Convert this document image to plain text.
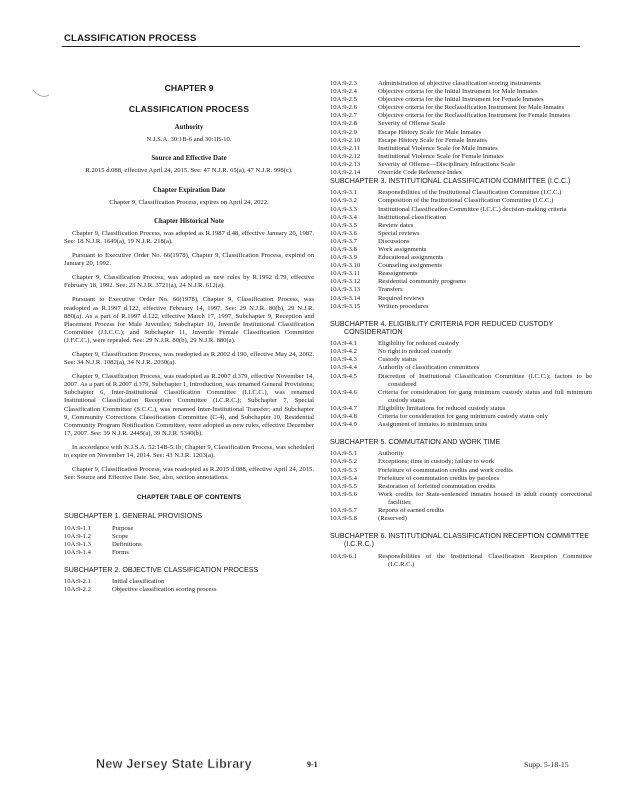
CLASSIFICATION PROCESS
CHAPTER 9
CLASSIFICATION PROCESS
Authority
N.J.S.A. 30:1B-6 and 30:1B-10.
Source and Effective Date
R.2015 d.088, effective April 24, 2015. See: 47 N.J.R. 65(a), 47 N.J.R. 998(c).
Chapter Expiration Date
Chapter 9, Classification Process, expires on April 24, 2022.
Chapter Historical Note

Chapter 9, Classification Process, was adopted as R.1987 d.48, effective January 20, 1987. See: 18 N.J.R. 1649(a), 19 N.J.R. 218(a).

Pursuant to Executive Order No. 66(1978), Chapter 9, Classification Process, expired on January 20, 1992.

Chapter 9, Classification Process, was adopted as new rules by R.1992 d.79, effective February 18, 1992. See: 23 N.J.R. 3721(a), 24 N.J.R. 612(a).

Pursuant to Executive Order No. 66(1978), Chapter 9, Classification Process, was readopted as R.1997 d.122, effective February 14, 1997. See: 29 N.J.R. 80(b), 29 N.J.R. 880(a). As a part of R.1997 d.122, effective March 17, 1997, Subchapter 9, Reception and Placement Process for Male Juveniles; Subchapter 10, Juvenile Institutional Classification Committee (J.I.C.C.); and Subchapter 11, Juvenile Female Classification Committee (J.F.C.C.), were repealed. See: 29 N.J.R. 80(b), 29 N.J.R. 880(a).

Chapter 9, Classification Process, was readopted as R.2002 d.190, effective May 24, 2002. See: 34 N.J.R. 1082(a), 34 N.J.R. 2030(a).

Chapter 9, Classification Process, was readopted as R.2007 d.379, effective November 14, 2007. As a part of R.2007 d.379, Subchapter 1, Introduction, was renamed General Provisions; Subchapter 6, Inter-Institutional Classification Committee (I.I.C.C.), was renamed Institutional Classification Reception Committee (I.C.R.C.); Subchapter 7, Special Classification Committee (S.C.C.), was renamed Inter-Institutional Transfer; and Subchapter 9, Community Corrections Classification Committee (C-4), and Subchapter 10, Residential Community Program Notification Committee, were adopted as new rules, effective December 17, 2007. See: 39 N.J.R. 2445(a), 39 N.J.R. 5340(b).

In accordance with N.J.S.A. 52:14B-5.1b, Chapter 9, Classification Process, was scheduled to expire on November 14, 2014. See: 43 N.J.R. 1203(a).

Chapter 9, Classification Process, was readopted as R.2015 d.088, effective April 24, 2015. See: Source and Effective Date. See, also, section annotations.

CHAPTER TABLE OF CONTENTS
SUBCHAPTER 1. GENERAL PROVISIONS
10A:9-1.1	Purpose
10A:9-1.2	Scope
10A:9-1.3	Definitions
10A:9-1.4	Forms
SUBCHAPTER 2. OBJECTIVE CLASSIFICATION PROCESS
10A:9-2.1	Initial classification
10A:9-2.2	Objective classification scoring process
10A:9-2.3	Administration of objective classification scoring instruments
10A:9-2.4	Objective criteria for the Initial Instrument for Male Inmates
10A:9-2.5	Objective criteria for the Initial Instrument for Female Inmates
10A:9-2.6	Objective criteria for the Reclassification Instrument for Male Inmates
10A:9-2.7	Objective criteria for the Reclassification Instrument for Female Inmates
10A:9-2.8	Severity of Offense Scale
10A:9-2.9	Escape History Scale for Male Inmates
10A:9-2.10	Escape History Scale for Female Inmates
10A:9-2.11	Institutional Violence Scale for Male Inmates
10A:9-2.12	Institutional Violence Scale for Female Inmates
10A:9-2.13	Severity of Offense—Disciplinary Infractions Scale
10A:9-2.14	Override Code Reference Index
SUBCHAPTER 3. INSTITUTIONAL CLASSIFICATION COMMITTEE (I.C.C.)
10A:9-3.1	Responsibilities of the Institutional Classification Committee (I.C.C.)
10A:9-3.2	Composition of the Institutional Classification Committee (I.C.C.)
10A:9-3.3	Institutional Classification Committee (I.C.C.) decision-making criteria
10A:9-3.4	Institutional classification
10A:9-3.5	Review dates
10A:9-3.6	Special reviews
10A:9-3.7	Discussions
10A:9-3.8	Work assignments
10A:9-3.9	Educational assignments
10A:9-3.10	Counseling assignments
10A:9-3.11	Reassignments
10A:9-3.12	Residential community programs
10A:9-3.13	Transfers
10A:9-3.14	Required reviews
10A:9-3.15	Written procedures
SUBCHAPTER 4. ELIGIBILITY CRITERIA FOR REDUCED CUSTODY CONSIDERATION
10A:9-4.1	Eligibility for reduced custody
10A:9-4.2	No right to reduced custody
10A:9-4.3	Custody status
10A:9-4.4	Authority of classification committees
10A:9-4.5	Discretion of Institutional Classification Committee (I.C.C.); factors to be considered
10A:9-4.6	Criteria for consideration for gang minimum custody status and full minimum custody status
10A:9-4.7	Eligibility limitations for reduced custody status
10A:9-4.8	Criteria for consideration for gang minimum custody status only
10A:9-4.9	Assignment of inmates to minimum units
SUBCHAPTER 5. COMMUTATION AND WORK TIME
10A:9-5.1	Authority
10A:9-5.2	Exceptions; time in custody; failure to work
10A:9-5.3	Forfeiture of commutation credits and work credits
10A:9-5.4	Forfeiture of commutation credits by parolees
10A:9-5.5	Restoration of forfeited commutation credits
10A:9-5.6	Work credits for State-sentenced inmates housed in adult county correctional facilities
10A:9-5.7	Reports of earned credits
10A:9-5.8	(Reserved)
SUBCHAPTER 6. INSTITUTIONAL CLASSIFICATION RECEPTION COMMITTEE (I.C.R.C.)
10A:9-6.1	Responsibilities of the Institutional Classification Reception Committee (I.C.R.C.)
New Jersey State Library	9-1	Supp. 5-18-15
